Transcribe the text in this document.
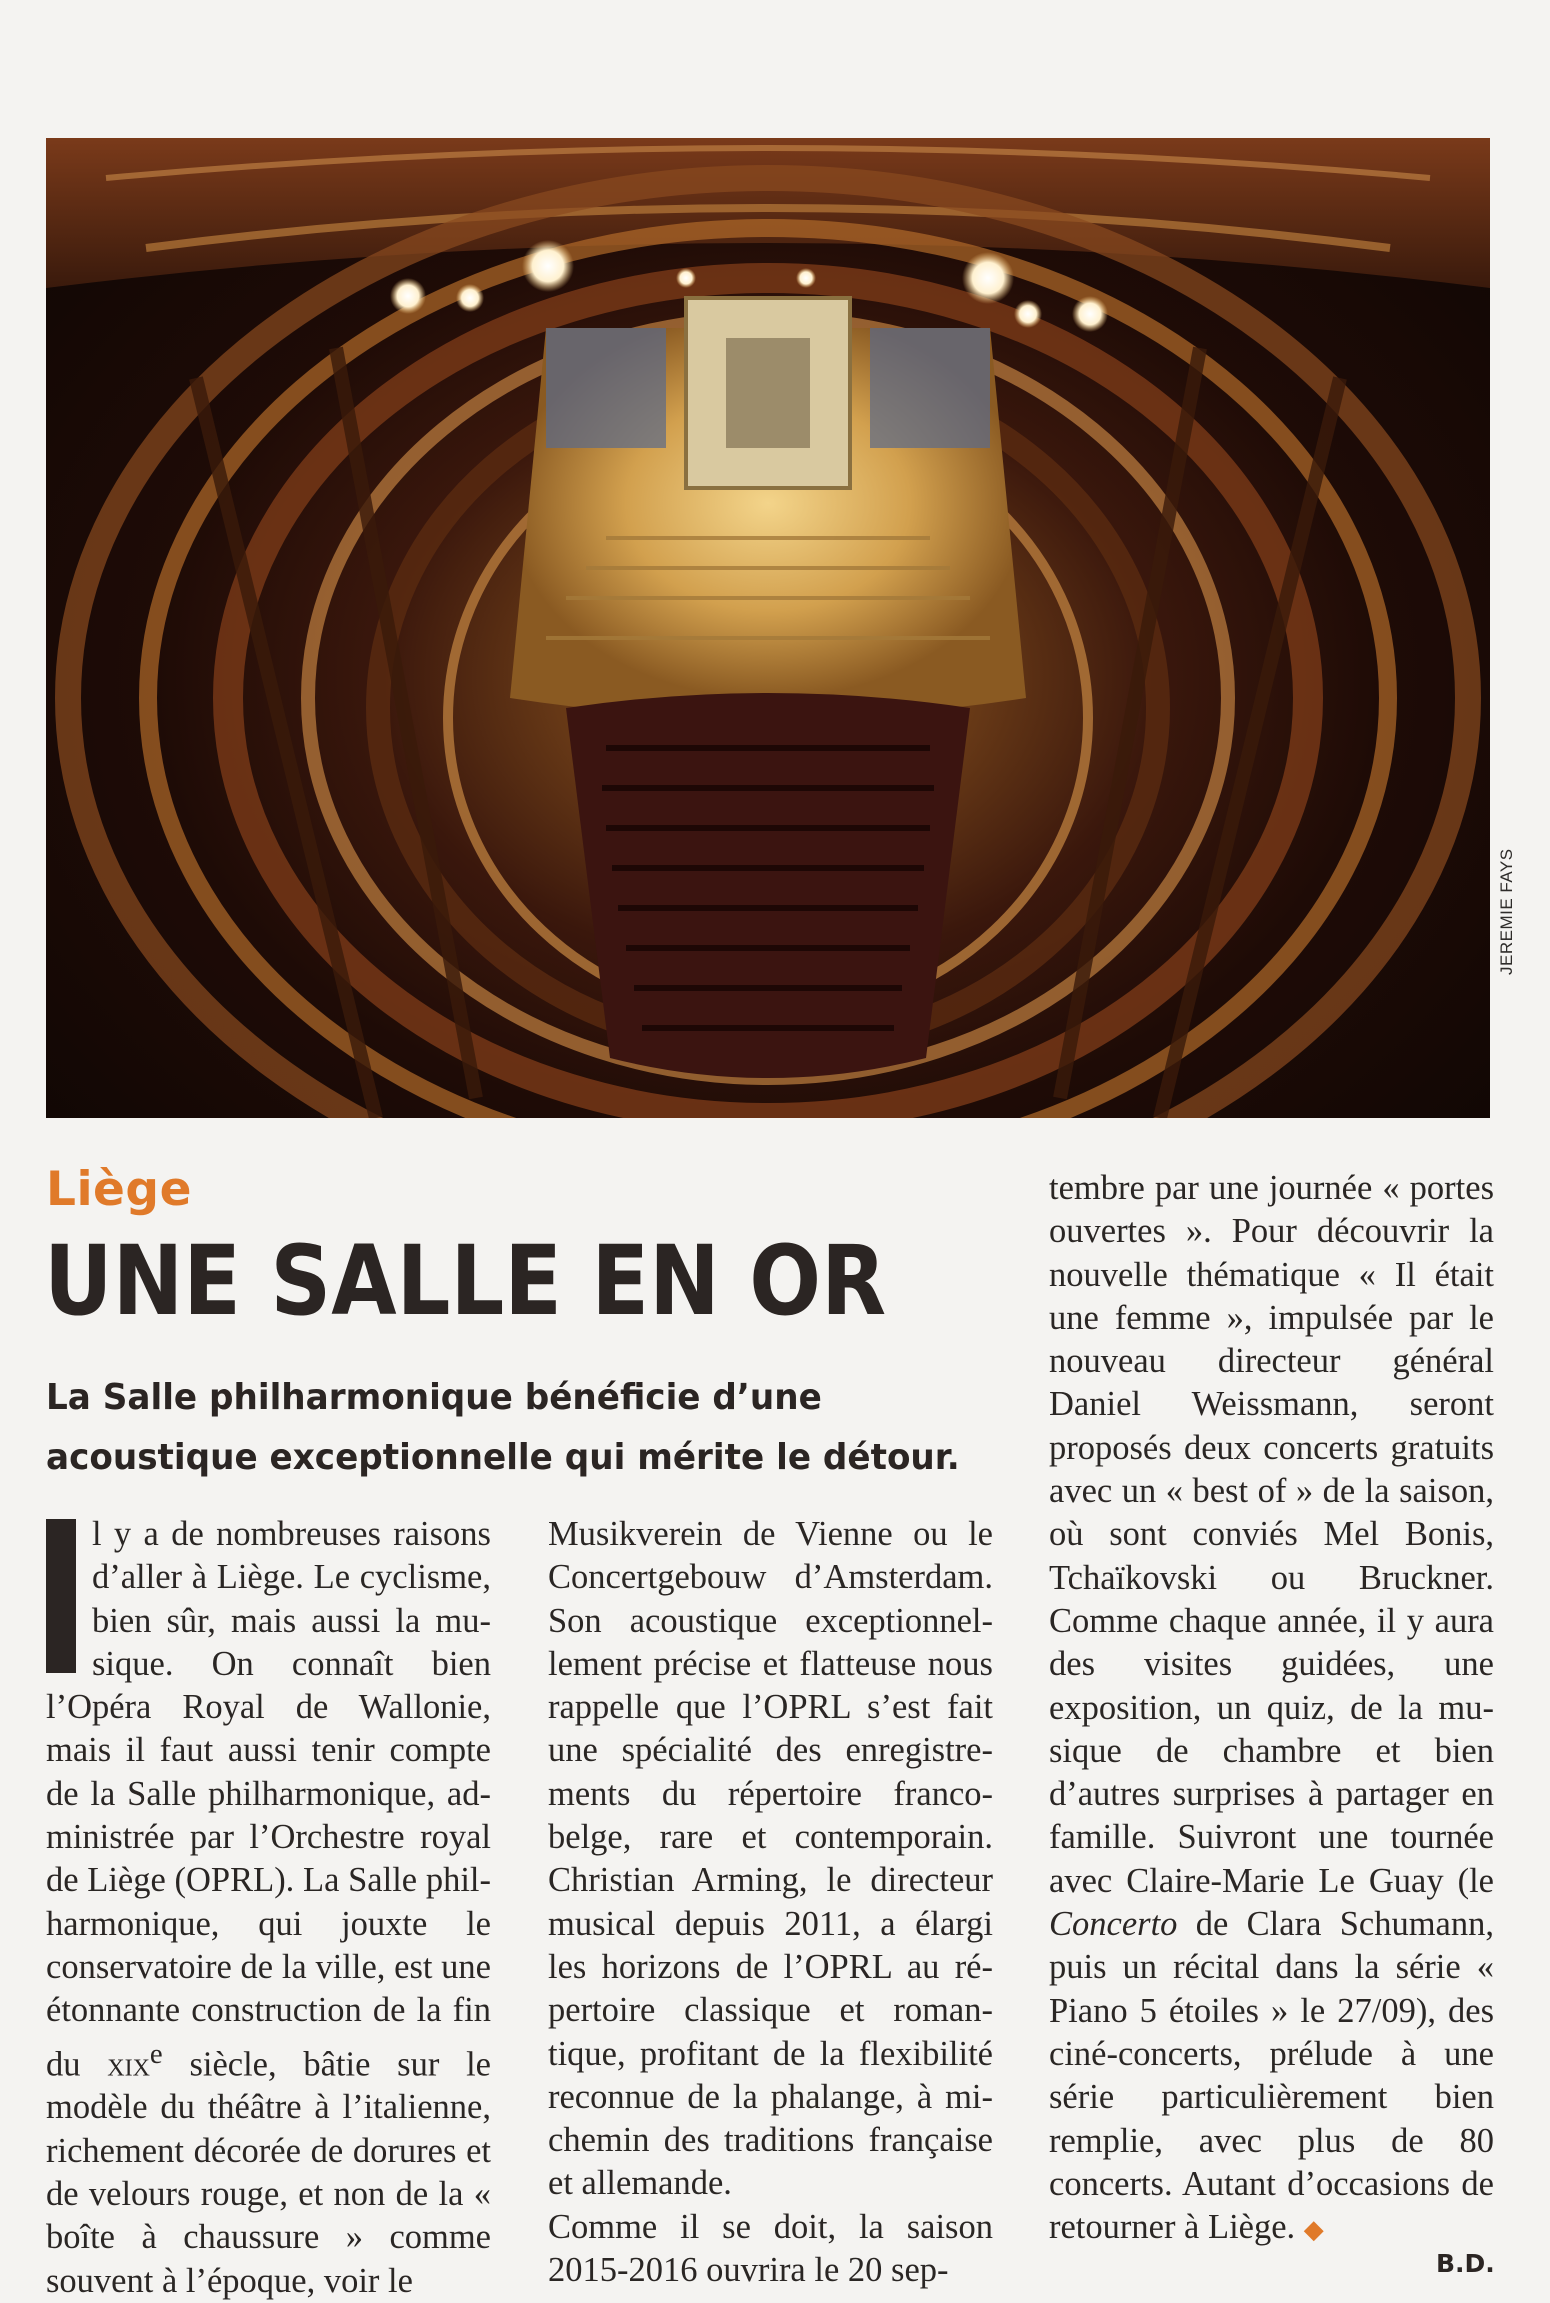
JEREMIE FAYS
Liège
UNE SALLE EN OR
La Salle philharmonique bénéficie d’une acoustique exceptionnelle qui mérite le détour.

l y a de nombreuses raisons d’aller à Liège. Le cyclisme, bien sûr, mais aussi la musique. On connaît bien l’Opéra Royal de Wallonie, mais il faut aussi tenir compte de la Salle philharmonique, administrée par l’Orchestre royal de Liège (OPRL). La Salle philharmonique, qui jouxte le conservatoire de la ville, est une étonnante construction de la fin du xix$^e$ siècle, bâtie sur le modèle du théâtre à l’italienne, richement décorée de dorures et de velours rouge, et non de la « boîte à chaussure » comme souvent à l’époque, voir le

Musikverein de Vienne ou le Concertgebouw d’Amsterdam. Son acoustique exceptionnellement précise et flatteuse nous rappelle que l’OPRL s’est fait une spécialité des enregistrements du répertoire franco-belge, rare et contemporain. Christian Arming, le directeur musical depuis 2011, a élargi les horizons de l’OPRL au répertoire classique et romantique, profitant de la flexibilité reconnue de la phalange, à mi-chemin des traditions française et allemande.

Comme il se doit, la saison 2015-2016 ouvrira le 20 sep-

tembre par une journée « portes ouvertes ». Pour découvrir la nouvelle thématique « Il était une femme », impulsée par le nouveau directeur général Daniel Weissmann, seront proposés deux concerts gratuits avec un « best of » de la saison, où sont conviés Mel Bonis, Tchaïkovski ou Bruckner. Comme chaque année, il y aura des visites guidées, une exposition, un quiz, de la musique de chambre et bien d’autres surprises à partager en famille. Suivront une tournée avec Claire-Marie Le Guay (le Concerto de Clara Schumann, puis un récital dans la série « Piano 5 étoiles » le 27/09), des ciné-concerts, prélude à une série particulièrement bien remplie, avec plus de 80 concerts. Autant d’occasions de retourner à Liège. ◆

B.D.
